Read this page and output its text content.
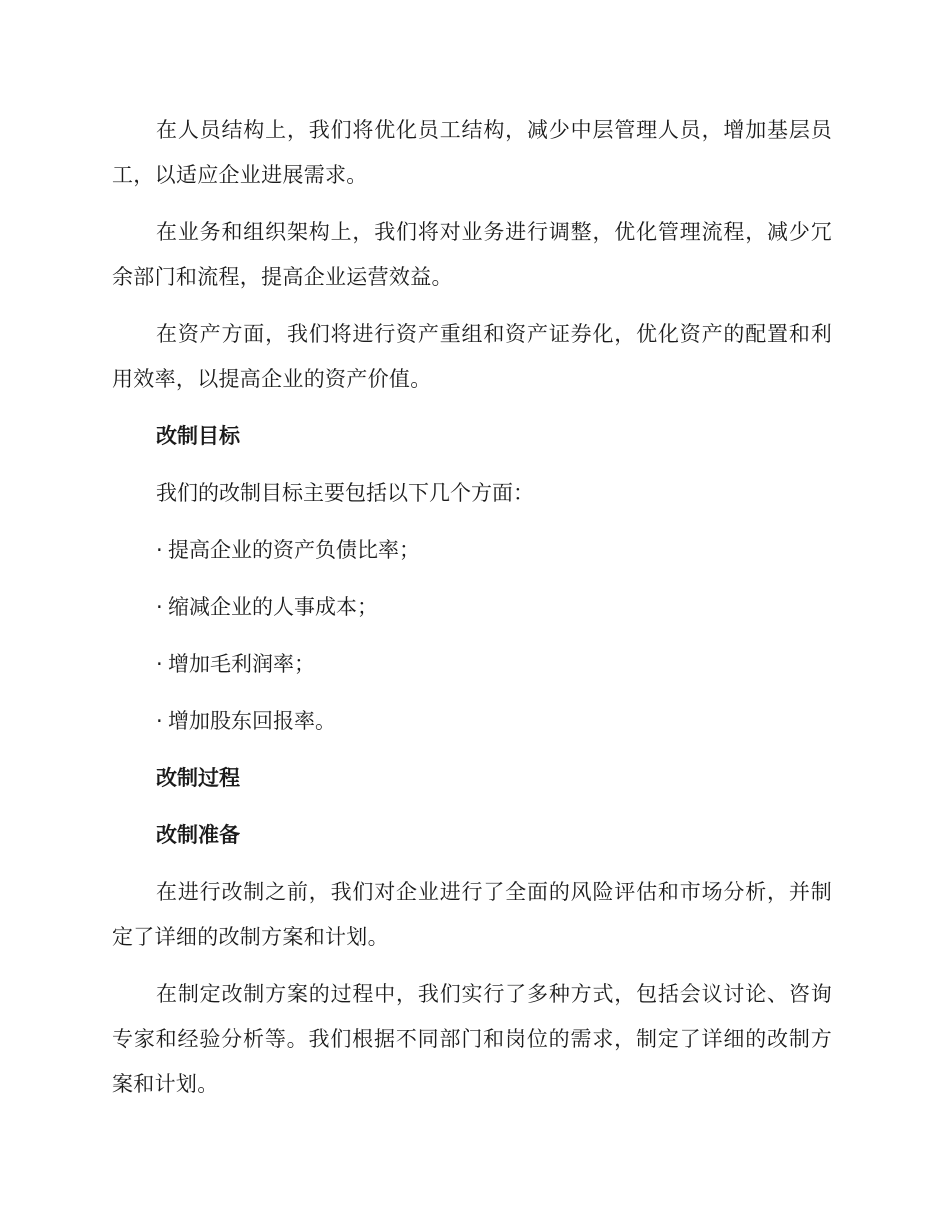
在人员结构上，我们将优化员工结构，减少中层管理人员，增加基层员工，以适应企业进展需求。

在业务和组织架构上，我们将对业务进行调整，优化管理流程，减少冗余部门和流程，提高企业运营效益。

在资产方面，我们将进行资产重组和资产证券化，优化资产的配置和利用效率，以提高企业的资产价值。

改制目标
我们的改制目标主要包括以下几个方面：
· 提高企业的资产负债比率；
· 缩减企业的人事成本；
· 增加毛利润率；
· 增加股东回报率。
改制过程
改制准备

在进行改制之前，我们对企业进行了全面的风险评估和市场分析，并制定了详细的改制方案和计划。

在制定改制方案的过程中，我们实行了多种方式，包括会议讨论、咨询专家和经验分析等。我们根据不同部门和岗位的需求，制定了详细的改制方案和计划。
